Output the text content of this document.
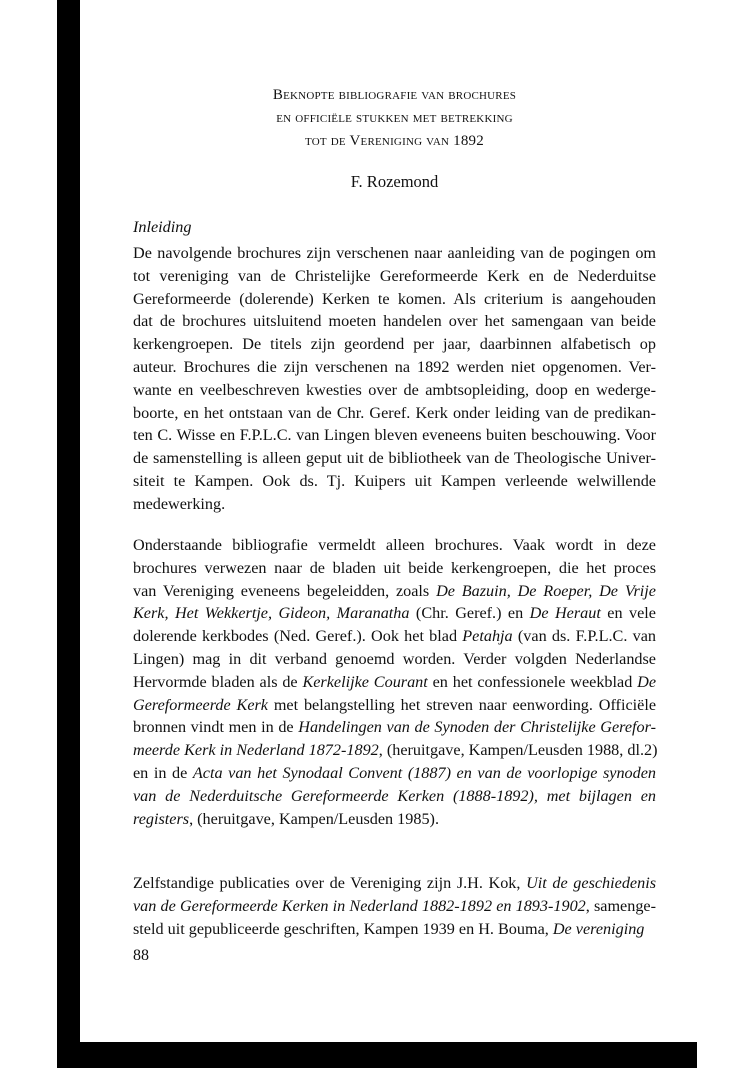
Beknopte bibliografie van brochures
en officiële stukken met betrekking
tot de Vereniging van 1892
F. Rozemond
Inleiding
De navolgende brochures zijn verschenen naar aanleiding van de pogingen om
tot vereniging van de Christelijke Gereformeerde Kerk en de Nederduitse
Gereformeerde (dolerende) Kerken te komen. Als criterium is aangehouden
dat de brochures uitsluitend moeten handelen over het samengaan van beide
kerkengroepen. De titels zijn geordend per jaar, daarbinnen alfabetisch op
auteur. Brochures die zijn verschenen na 1892 werden niet opgenomen. Ver-
wante en veelbeschreven kwesties over de ambtsopleiding, doop en wederge-
boorte, en het ontstaan van de Chr. Geref. Kerk onder leiding van de predikan-
ten C. Wisse en F.P.L.C. van Lingen bleven eveneens buiten beschouwing. Voor
de samenstelling is alleen geput uit de bibliotheek van de Theologische Univer-
siteit te Kampen. Ook ds. Tj. Kuipers uit Kampen verleende welwillende
medewerking.
Onderstaande bibliografie vermeldt alleen brochures. Vaak wordt in deze
brochures verwezen naar de bladen uit beide kerkengroepen, die het proces
van Vereniging eveneens begeleidden, zoals De Bazuin, De Roeper, De Vrije
Kerk, Het Wekkertje, Gideon, Maranatha (Chr. Geref.) en De Heraut en vele
dolerende kerkbodes (Ned. Geref.). Ook het blad Petahja (van ds. F.P.L.C. van
Lingen) mag in dit verband genoemd worden. Verder volgden Nederlandse
Hervormde bladen als de Kerkelijke Courant en het confessionele weekblad De
Gereformeerde Kerk met belangstelling het streven naar eenwording. Officiële
bronnen vindt men in de Handelingen van de Synoden der Christelijke Gerefor-
meerde Kerk in Nederland 1872-1892, (heruitgave, Kampen/Leusden 1988, dl.2)
en in de Acta van het Synodaal Convent (1887) en van de voorlopige synoden
van de Nederduitsche Gereformeerde Kerken (1888-1892), met bijlagen en
registers, (heruitgave, Kampen/Leusden 1985).
Zelfstandige publicaties over de Vereniging zijn J.H. Kok, Uit de geschiedenis
van de Gereformeerde Kerken in Nederland 1882-1892 en 1893-1902, samenge-
steld uit gepubliceerde geschriften, Kampen 1939 en H. Bouma, De vereniging
88
